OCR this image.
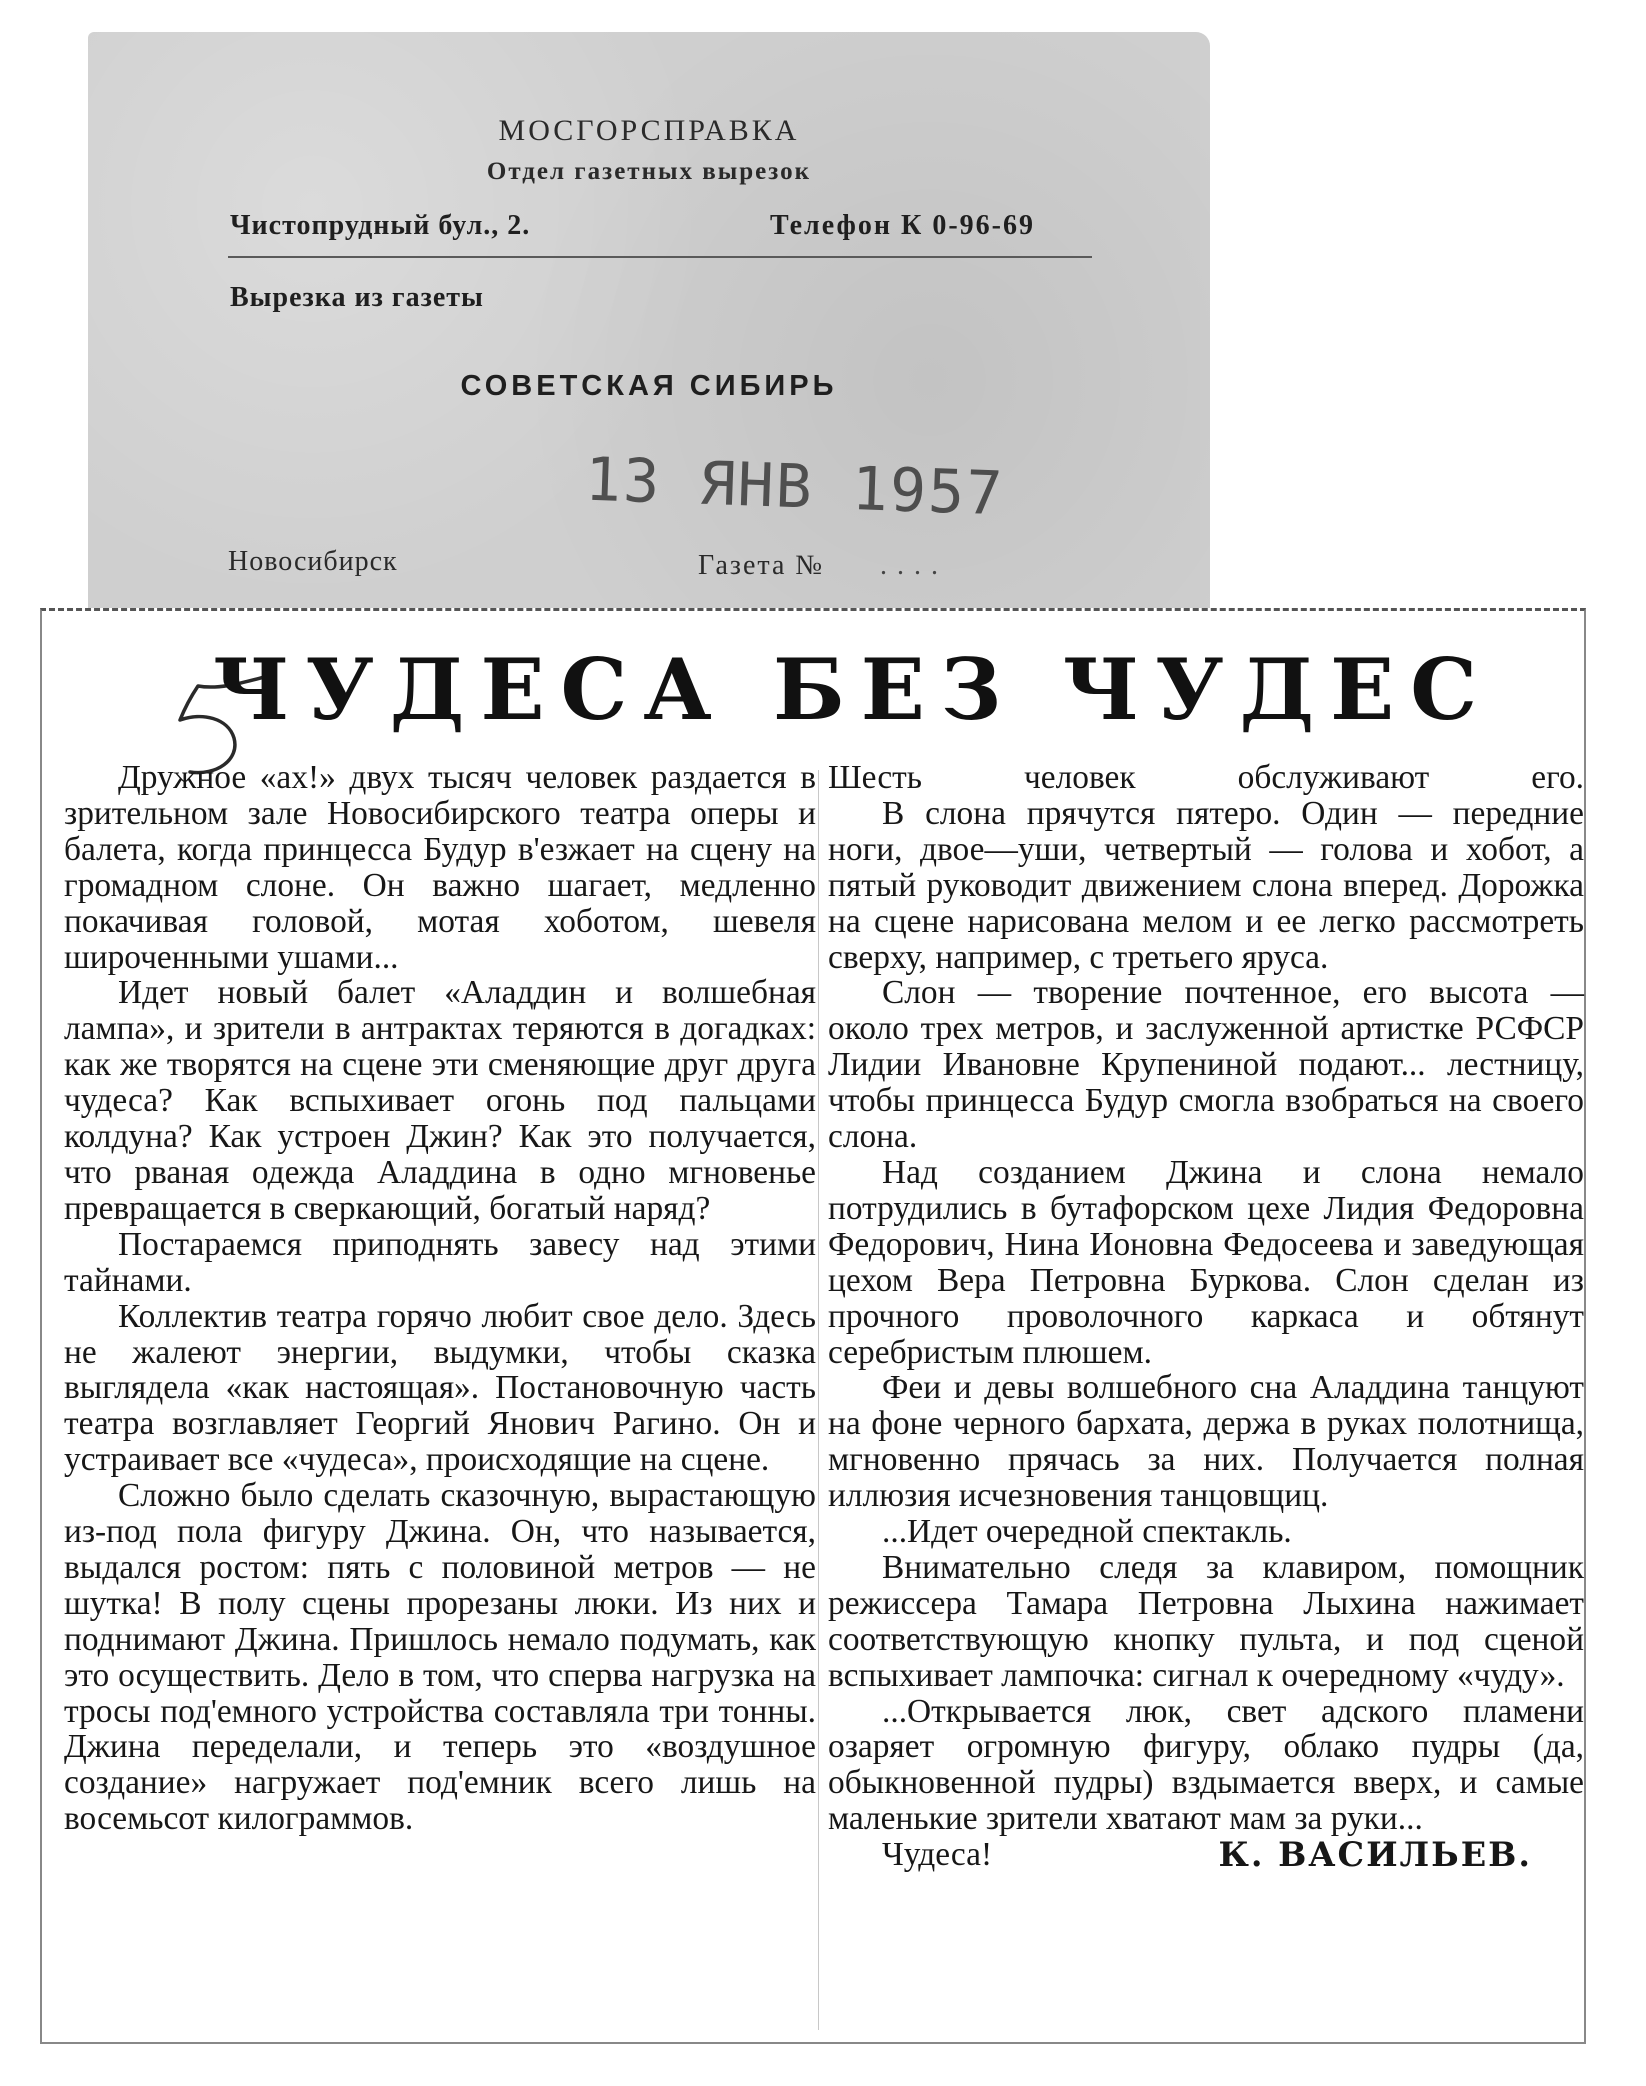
МОСГОРСПРАВКА
Отдел газетных вырезок
Чистопрудный бул., 2.	Телефон К 0-96-69
Вырезка из газеты
СОВЕТСКАЯ СИБИРЬ
13 ЯНВ 1957
Новосибирск	Газета № ....
ЧУДЕСА БЕЗ ЧУДЕС

Дружное «ах!» двух тысяч человек раздается в зрительном зале Новосибирского театра оперы и балета, когда принцесса Будур в'езжает на сцену на громадном слоне. Он важно шагает, медленно покачивая головой, мотая хоботом, шевеля широченными ушами...

Идет новый балет «Аладдин и волшебная лампа», и зрители в антрактах теряются в догадках: как же творятся на сцене эти сменяющие друг друга чудеса? Как вспыхивает огонь под пальцами колдуна? Как устроен Джин? Как это получается, что рваная одежда Аладдина в одно мгновенье превращается в сверкающий, богатый наряд?

Постараемся приподнять завесу над этими тайнами.

Коллектив театра горячо любит свое дело. Здесь не жалеют энергии, выдумки, чтобы сказка выглядела «как настоящая». Постановочную часть театра возглавляет Георгий Янович Рагино. Он и устраивает все «чудеса», происходящие на сцене.

Сложно было сделать сказочную, вырастающую из-под пола фигуру Джина. Он, что называется, выдался ростом: пять с половиной метров — не шутка! В полу сцены прорезаны люки. Из них и поднимают Джина. Пришлось немало подумать, как это осуществить. Дело в том, что сперва нагрузка на тросы под'емного устройства составляла три тонны. Джина переделали, и теперь это «воздушное создание» нагружает под'емник всего лишь на восемьсот килограммов.

Шесть человек обслуживают его.

В слона прячутся пятеро. Один — передние ноги, двое—уши, четвертый — голова и хобот, а пятый руководит движением слона вперед. Дорожка на сцене нарисована мелом и ее легко рассмотреть сверху, например, с третьего яруса.

Слон — творение почтенное, его высота — около трех метров, и заслуженной артистке РСФСР Лидии Ивановне Крупениной подают... лестницу, чтобы принцесса Будур смогла взобраться на своего слона.

Над созданием Джина и слона немало потрудились в бутафорском цехе Лидия Федоровна Федорович, Нина Ионовна Федосеева и заведующая цехом Вера Петровна Буркова. Слон сделан из прочного проволочного каркаса и обтянут серебристым плюшем.

Феи и девы волшебного сна Аладдина танцуют на фоне черного бархата, держа в руках полотнища, мгновенно прячась за них. Получается полная иллюзия исчезновения танцовщиц.

...Идет очередной спектакль.

Внимательно следя за клавиром, помощник режиссера Тамара Петровна Лыхина нажимает соответствующую кнопку пульта, и под сценой вспыхивает лампочка: сигнал к очередному «чуду».

...Открывается люк, свет адского пламени озаряет огромную фигуру, облако пудры (да, обыкновенной пудры) вздымается вверх, и самые маленькие зрители хватают мам за руки...

Чудеса!	К. ВАСИЛЬЕВ.
